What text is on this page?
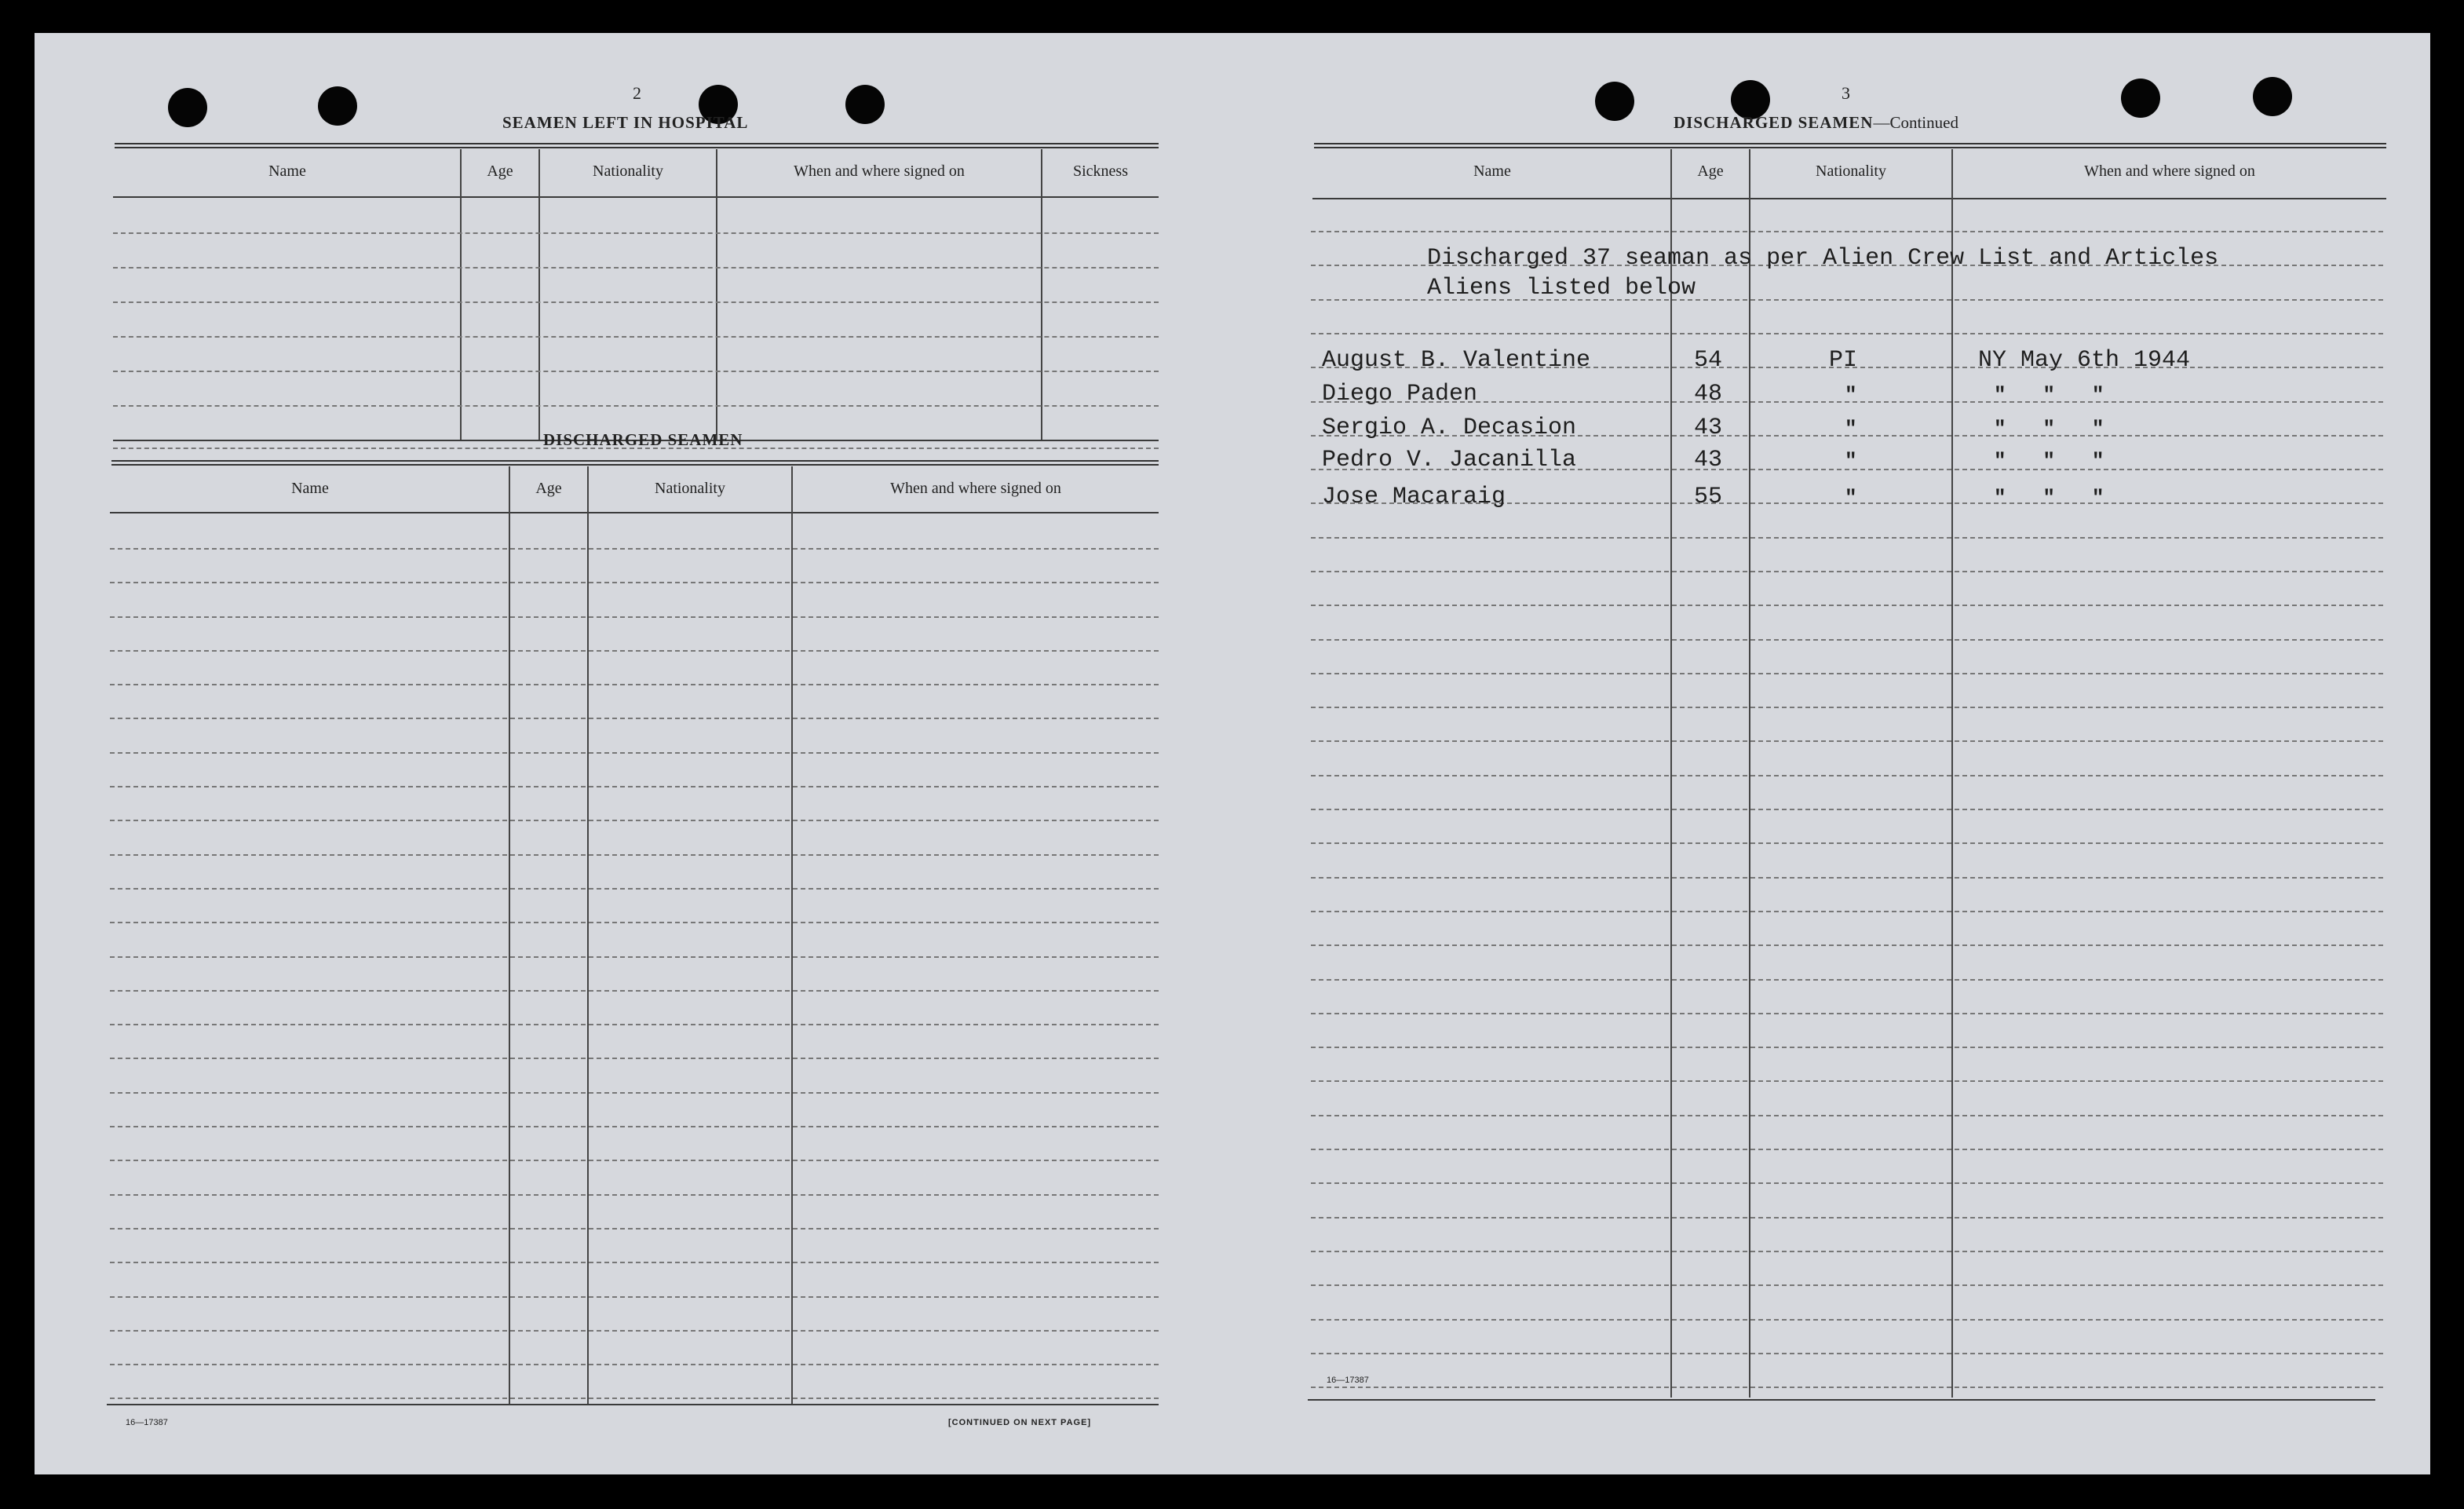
2
SEAMEN LEFT IN HOSPITAL
Name	Age	Nationality	When and where signed on	Sickness
DISCHARGED SEAMEN
Name	Age	Nationality	When and where signed on
16—17387	[CONTINUED ON NEXT PAGE]
3
DISCHARGED SEAMEN—Continued
Name	Age	Nationality	When and where signed on
16—17387
Discharged 37 seaman as per Alien Crew List and Articles
Aliens listed below
August B. Valentine	54	PI	NY May 6th 1944
Diego Paden	48	"	"   "   "
Sergio A. Decasion	43	"	"   "   "
Pedro V. Jacanilla	43	"	"   "   "
Jose Macaraig	55	"	"   "   "
